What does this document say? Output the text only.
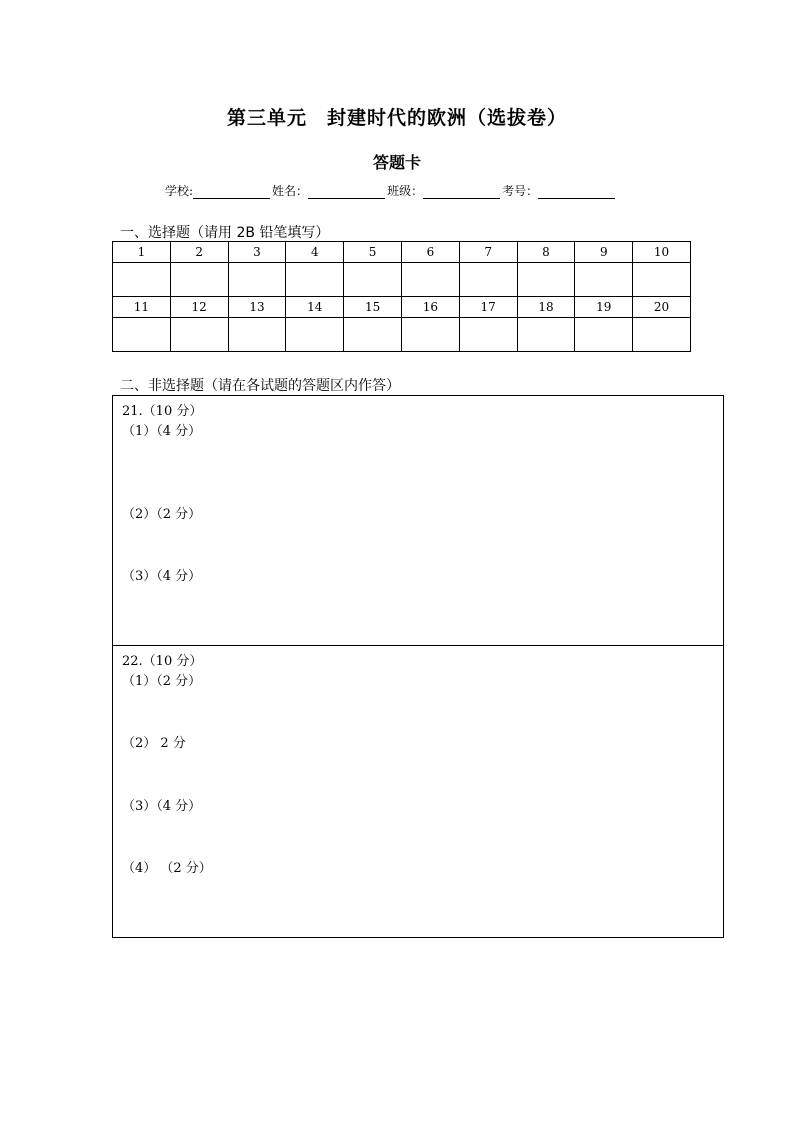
第三单元　封建时代的欧洲（选拔卷）
答题卡
学校:	姓名：	班级：	考号：
一、选择题（请用 2B 铅笔填写）
1	2	3	4	5	6	7	8	9	10

11	12	13	14	15	16	17	18	19	20

二、非选择题（请在各试题的答题区内作答）
21.（10 分）
（1）（4 分）
（2）（2 分）
（3）（4 分）
22.（10 分）
（1）（2 分）
（2） 2 分
（3）（4 分）
（4） （2 分）
